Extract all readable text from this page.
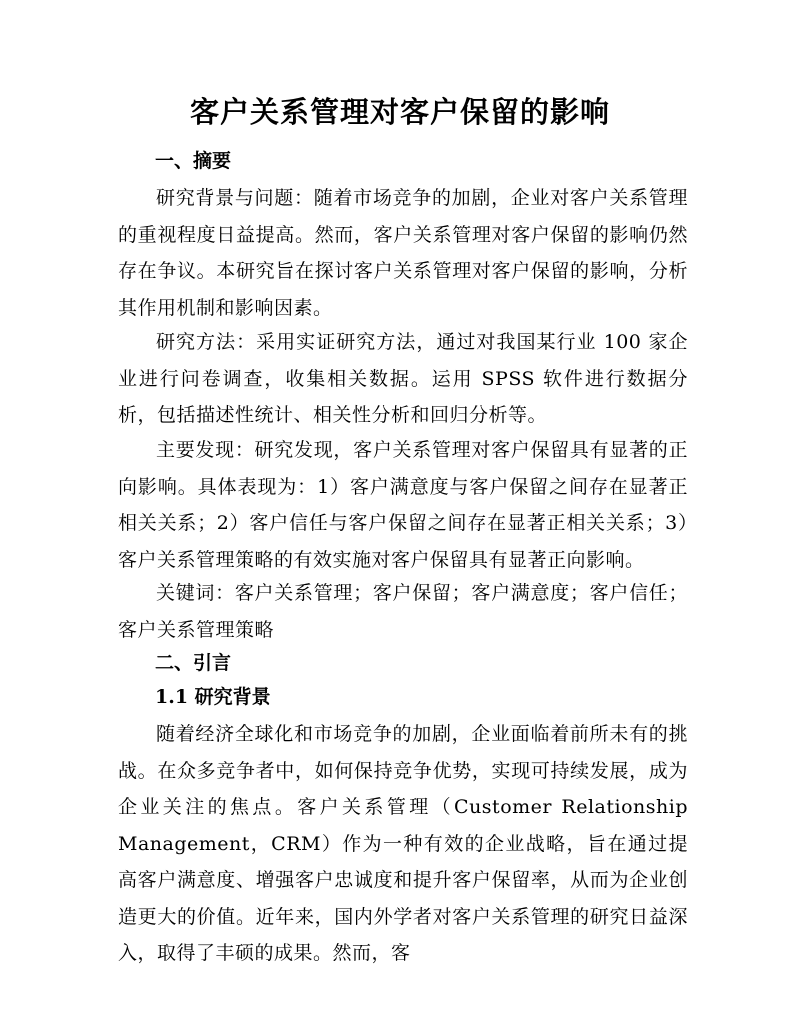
客户关系管理对客户保留的影响
一、摘要

研究背景与问题：随着市场竞争的加剧，企业对客户关系管理的重视程度日益提高。然而，客户关系管理对客户保留的影响仍然存在争议。本研究旨在探讨客户关系管理对客户保留的影响，分析其作用机制和影响因素。

研究方法：采用实证研究方法，通过对我国某行业 100 家企业进行问卷调查，收集相关数据。运用 SPSS 软件进行数据分析，包括描述性统计、相关性分析和回归分析等。

主要发现：研究发现，客户关系管理对客户保留具有显著的正向影响。具体表现为：1）客户满意度与客户保留之间存在显著正相关关系；2）客户信任与客户保留之间存在显著正相关关系；3）客户关系管理策略的有效实施对客户保留具有显著正向影响。

关键词：客户关系管理；客户保留；客户满意度；客户信任；客户关系管理策略

二、引言
1.1 研究背景

随着经济全球化和市场竞争的加剧，企业面临着前所未有的挑战。在众多竞争者中，如何保持竞争优势，实现可持续发展，成为企业关注的焦点。客户关系管理（Customer Relationship Management，CRM）作为一种有效的企业战略，旨在通过提高客户满意度、增强客户忠诚度和提升客户保留率，从而为企业创造更大的价值。近年来，国内外学者对客户关系管理的研究日益深入，取得了丰硕的成果。然而，客
